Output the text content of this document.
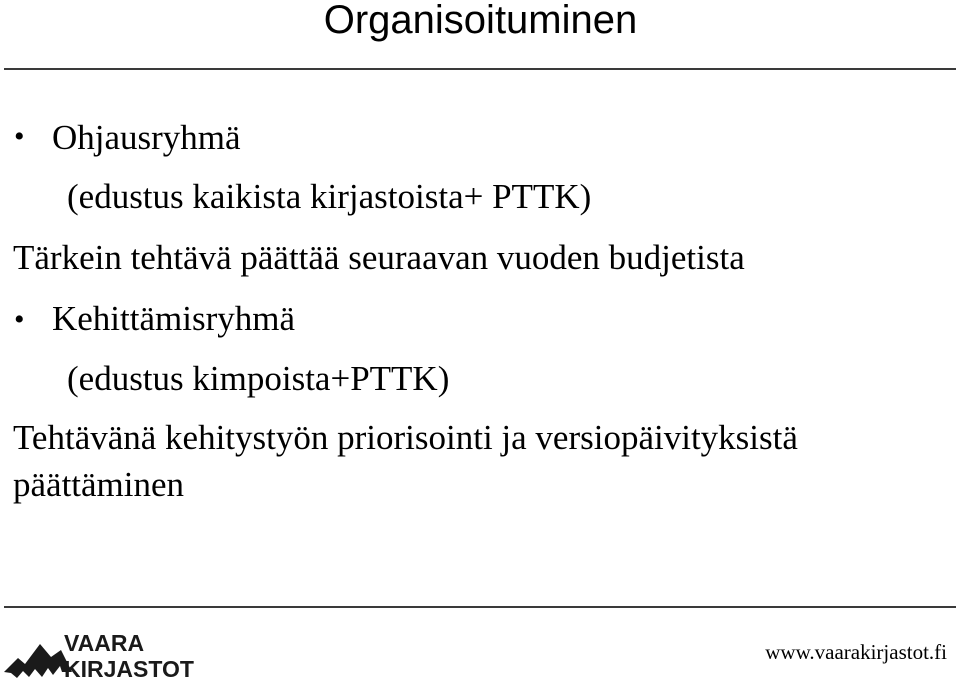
Organisoituminen
• Ohjausryhmä
(edustus kaikista kirjastoista+ PTTK)
Tärkein tehtävä päättää seuraavan vuoden budjetista
• Kehittämisryhmä
(edustus kimpoista+PTTK)
Tehtävänä kehitystyön priorisointi ja versiopäivityksistä
päättäminen
VAARA
KIRJASTOT
www.vaarakirjastot.fi
